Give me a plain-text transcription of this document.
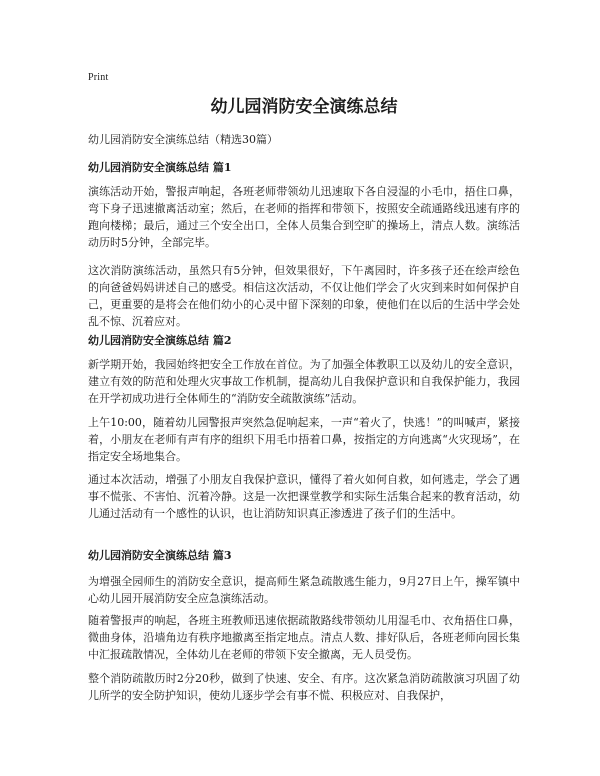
Print
幼儿园消防安全演练总结

幼儿园消防安全演练总结（精选30篇）

幼儿园消防安全演练总结 篇1

演练活动开始，警报声响起，各班老师带领幼儿迅速取下各自浸湿的小毛巾，捂住口鼻，弯下身子迅速撤离活动室；然后，在老师的指挥和带领下，按照安全疏通路线迅速有序的跑向楼梯；最后，通过三个安全出口，全体人员集合到空旷的操场上，清点人数。演练活动历时5分钟，全部完毕。

这次消防演练活动，虽然只有5分钟，但效果很好，下午离园时，许多孩子还在绘声绘色的向爸爸妈妈讲述自己的感受。相信这次活动，不仅让他们学会了火灾到来时如何保护自己，更重要的是将会在他们幼小的心灵中留下深刻的印象，使他们在以后的生活中学会处乱不惊、沉着应对。

幼儿园消防安全演练总结 篇2

新学期开始，我园始终把安全工作放在首位。为了加强全体教职工以及幼儿的安全意识，建立有效的防范和处理火灾事故工作机制，提高幼儿自我保护意识和自我保护能力，我园在开学初成功进行全体师生的“消防安全疏散演练”活动。

上午10:00，随着幼儿园警报声突然急促响起来，一声“着火了，快逃！”的叫喊声，紧接着，小朋友在老师有声有序的组织下用毛巾捂着口鼻，按指定的方向逃离“火灾现场”，在指定安全场地集合。

通过本次活动，增强了小朋友自我保护意识，懂得了着火如何自救，如何逃走，学会了遇事不慌张、不害怕、沉着冷静。这是一次把课堂教学和实际生活集合起来的教育活动，幼儿通过活动有一个感性的认识，也让消防知识真正渗透进了孩子们的生活中。

幼儿园消防安全演练总结 篇3

为增强全园师生的消防安全意识，提高师生紧急疏散逃生能力，9月27日上午，操军镇中心幼儿园开展消防安全应急演练活动。

随着警报声的响起，各班主班教师迅速依据疏散路线带领幼儿用湿毛巾、衣角捂住口鼻，微曲身体，沿墙角边有秩序地撤离至指定地点。清点人数、排好队后，各班老师向园长集中汇报疏散情况，全体幼儿在老师的带领下安全撤离，无人员受伤。

整个消防疏散历时2分20秒，做到了快速、安全、有序。这次紧急消防疏散演习巩固了幼儿所学的安全防护知识，使幼儿逐步学会有事不慌、积极应对、自我保护，
